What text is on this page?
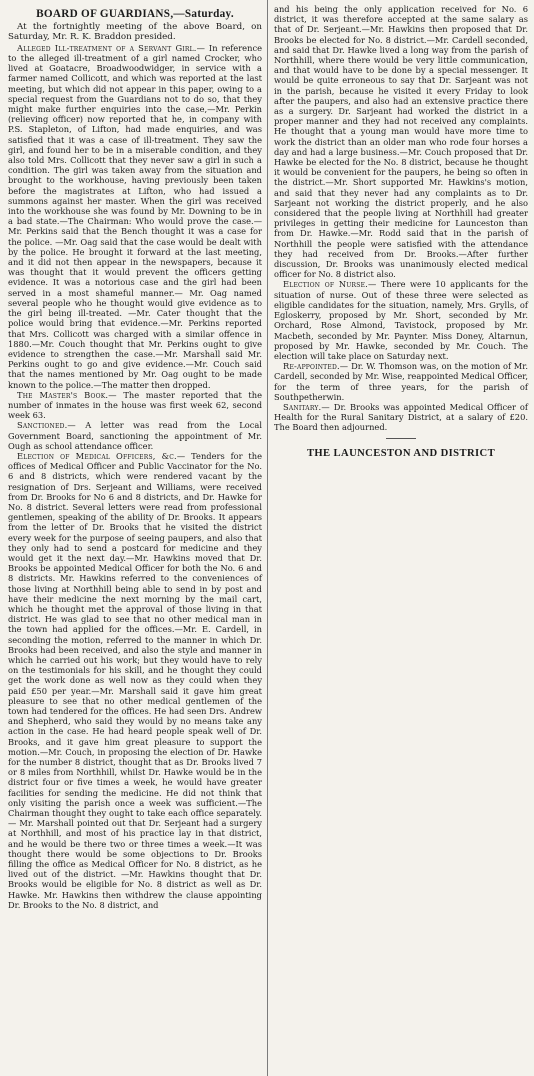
BOARD OF GUARDIANS,—Saturday.

At the fortnightly meeting of the above Board, on Saturday, Mr. R. K. Braddon presided.

Alleged Ill-treatment of a Servant Girl.— In reference to the alleged ill-treatment of a girl named Crocker, who lived at Goatacre, Broadwoodwidger, in service with a farmer named Collicott, and which was reported at the last meeting, but which did not appear in this paper, owing to a special request from the Guardians not to do so, that they might make further enquiries into the case,—Mr. Perkin (relieving officer) now reported that he, in company with P.S. Stapleton, of Lifton, had made enquiries, and was satisfied that it was a case of ill-treatment. They saw the girl, and found her to be in a miserable condition, and they also told Mrs. Collicott that they never saw a girl in such a condition. The girl was taken away from the situation and brought to the workhouse, having previously been taken before the magistrates at Lifton, who had issued a summons against her master. When the girl was received into the workhouse she was found by Mr. Downing to be in a bad state.—The Chairman: Who would prove the case.—Mr. Perkins said that the Bench thought it was a case for the police. —Mr. Oag said that the case would be dealt with by the police. He brought it forward at the last meeting, and it did not then appear in the newspapers, because it was thought that it would prevent the officers getting evidence. It was a notorious case and the girl had been served in a most shameful manner.— Mr. Oag named several people who he thought would give evidence as to the girl being ill-treated. —Mr. Cater thought that the police would bring that evidence.—Mr. Perkins reported that Mrs. Collicott was charged with a similar offence in 1880.—Mr. Couch thought that Mr. Perkins ought to give evidence to strengthen the case.—Mr. Marshall said Mr. Perkins ought to go and give evidence.—Mr. Couch said that the names mentioned by Mr. Oag ought to be made known to the police.—The matter then dropped.

The Master's Book.— The master reported that the number of inmates in the house was first week 62, second week 63.

Sanctioned.— A letter was read from the Local Government Board, sanctioning the appointment of Mr. Ough as school attendance officer.

Election of Medical Officers, &c.— Tenders for the offices of Medical Officer and Public Vaccinator for the No. 6 and 8 districts, which were rendered vacant by the resignation of Drs. Serjeant and Williams, were received from Dr. Brooks for No 6 and 8 districts, and Dr. Hawke for No. 8 district. Several letters were read from professional gentlemen, speaking of the ability of Dr. Brooks. It appears from the letter of Dr. Brooks that he visited the district every week for the purpose of seeing paupers, and also that they only had to send a postcard for medicine and they would get it the next day.—Mr. Hawkins moved that Dr. Brooks be appointed Medical Officer for both the No. 6 and 8 districts. Mr. Hawkins referred to the conveniences of those living at Northhill being able to send in by post and have their medicine the next morning by the mail cart, which he thought met the approval of those living in that district. He was glad to see that no other medical man in the town had applied for the offices.—Mr. E. Cardell, in seconding the motion, referred to the manner in which Dr. Brooks had been received, and also the style and manner in which he carried out his work; but they would have to rely on the testimonials for his skill, and he thought they could get the work done as well now as they could when they paid £50 per year.—Mr. Marshall said it gave him great pleasure to see that no other medical gentlemen of the town had tendered for the offices. He had seen Drs. Andrew and Shepherd, who said they would by no means take any action in the case. He had heard people speak well of Dr. Brooks, and it gave him great pleasure to support the motion.—Mr. Couch, in proposing the election of Dr. Hawke for the number 8 district, thought that as Dr. Brooks lived 7 or 8 miles from Northhill, whilst Dr. Hawke would be in the district four or five times a week, he would have greater facilities for sending the medicine. He did not think that only visiting the parish once a week was sufficient.—The Chairman thought they ought to take each office separately.— Mr. Marshall pointed out that Dr. Serjeant had a surgery at Northhill, and most of his practice lay in that district, and he would be there two or three times a week.—It was thought there would be some objections to Dr. Brooks filling the office as Medical Officer for No. 8 district, as he lived out of the district. —Mr. Hawkins thought that Dr. Brooks would be eligible for No. 8 district as well as Dr. Hawke. Mr. Hawkins then withdrew the clause appointing Dr. Brooks to the No. 8 district, and

and his being the only application received for No. 6 district, it was therefore accepted at the same salary as that of Dr. Serjeant.—Mr. Hawkins then proposed that Dr. Brooks be elected for No. 8 district.—Mr. Cardell seconded, and said that Dr. Hawke lived a long way from the parish of Northhill, where there would be very little communication, and that would have to be done by a special messenger. It would be quite erroneous to say that Dr. Sarjeant was not in the parish, because he visited it every Friday to look after the paupers, and also had an extensive practice there as a surgery. Dr. Sarjeant had worked the district in a proper manner and they had not received any complaints. He thought that a young man would have more time to work the district than an older man who rode four horses a day and had a large business.—Mr. Couch proposed that Dr. Hawke be elected for the No. 8 district, because he thought it would be convenient for the paupers, he being so often in the district.—Mr. Short supported Mr. Hawkins's motion, and said that they never had any complaints as to Dr. Sarjeant not working the district properly, and he also considered that the people living at Northhill had greater privileges in getting their medicine for Launceston than from Dr. Hawke.—Mr. Rodd said that in the parish of Northhill the people were satisfied with the attendance they had received from Dr. Brooks.—After further discussion, Dr. Brooks was unanimously elected medical officer for No. 8 district also.

Election of Nurse.— There were 10 applicants for the situation of nurse. Out of these three were selected as eligible candidates for the situation, namely, Mrs. Grylls, of Egloskerry, proposed by Mr. Short, seconded by Mr. Orchard, Rose Almond, Tavistock, proposed by Mr. Macbeth, seconded by Mr. Paynter. Miss Doney, Altarnun, proposed by Mr. Hawke, seconded by Mr. Couch. The election will take place on Saturday next.

Re-appointed.— Dr. W. Thomson was, on the motion of Mr. Cardell, seconded by Mr. Wise, reappointed Medical Officer, for the term of three years, for the parish of Southpetherwin.

Sanitary.— Dr. Brooks was appointed Medical Officer of Health for the Rural Sanitary District, at a salary of £20. The Board then adjourned.

THE LAUNCESTON AND DISTRICT
